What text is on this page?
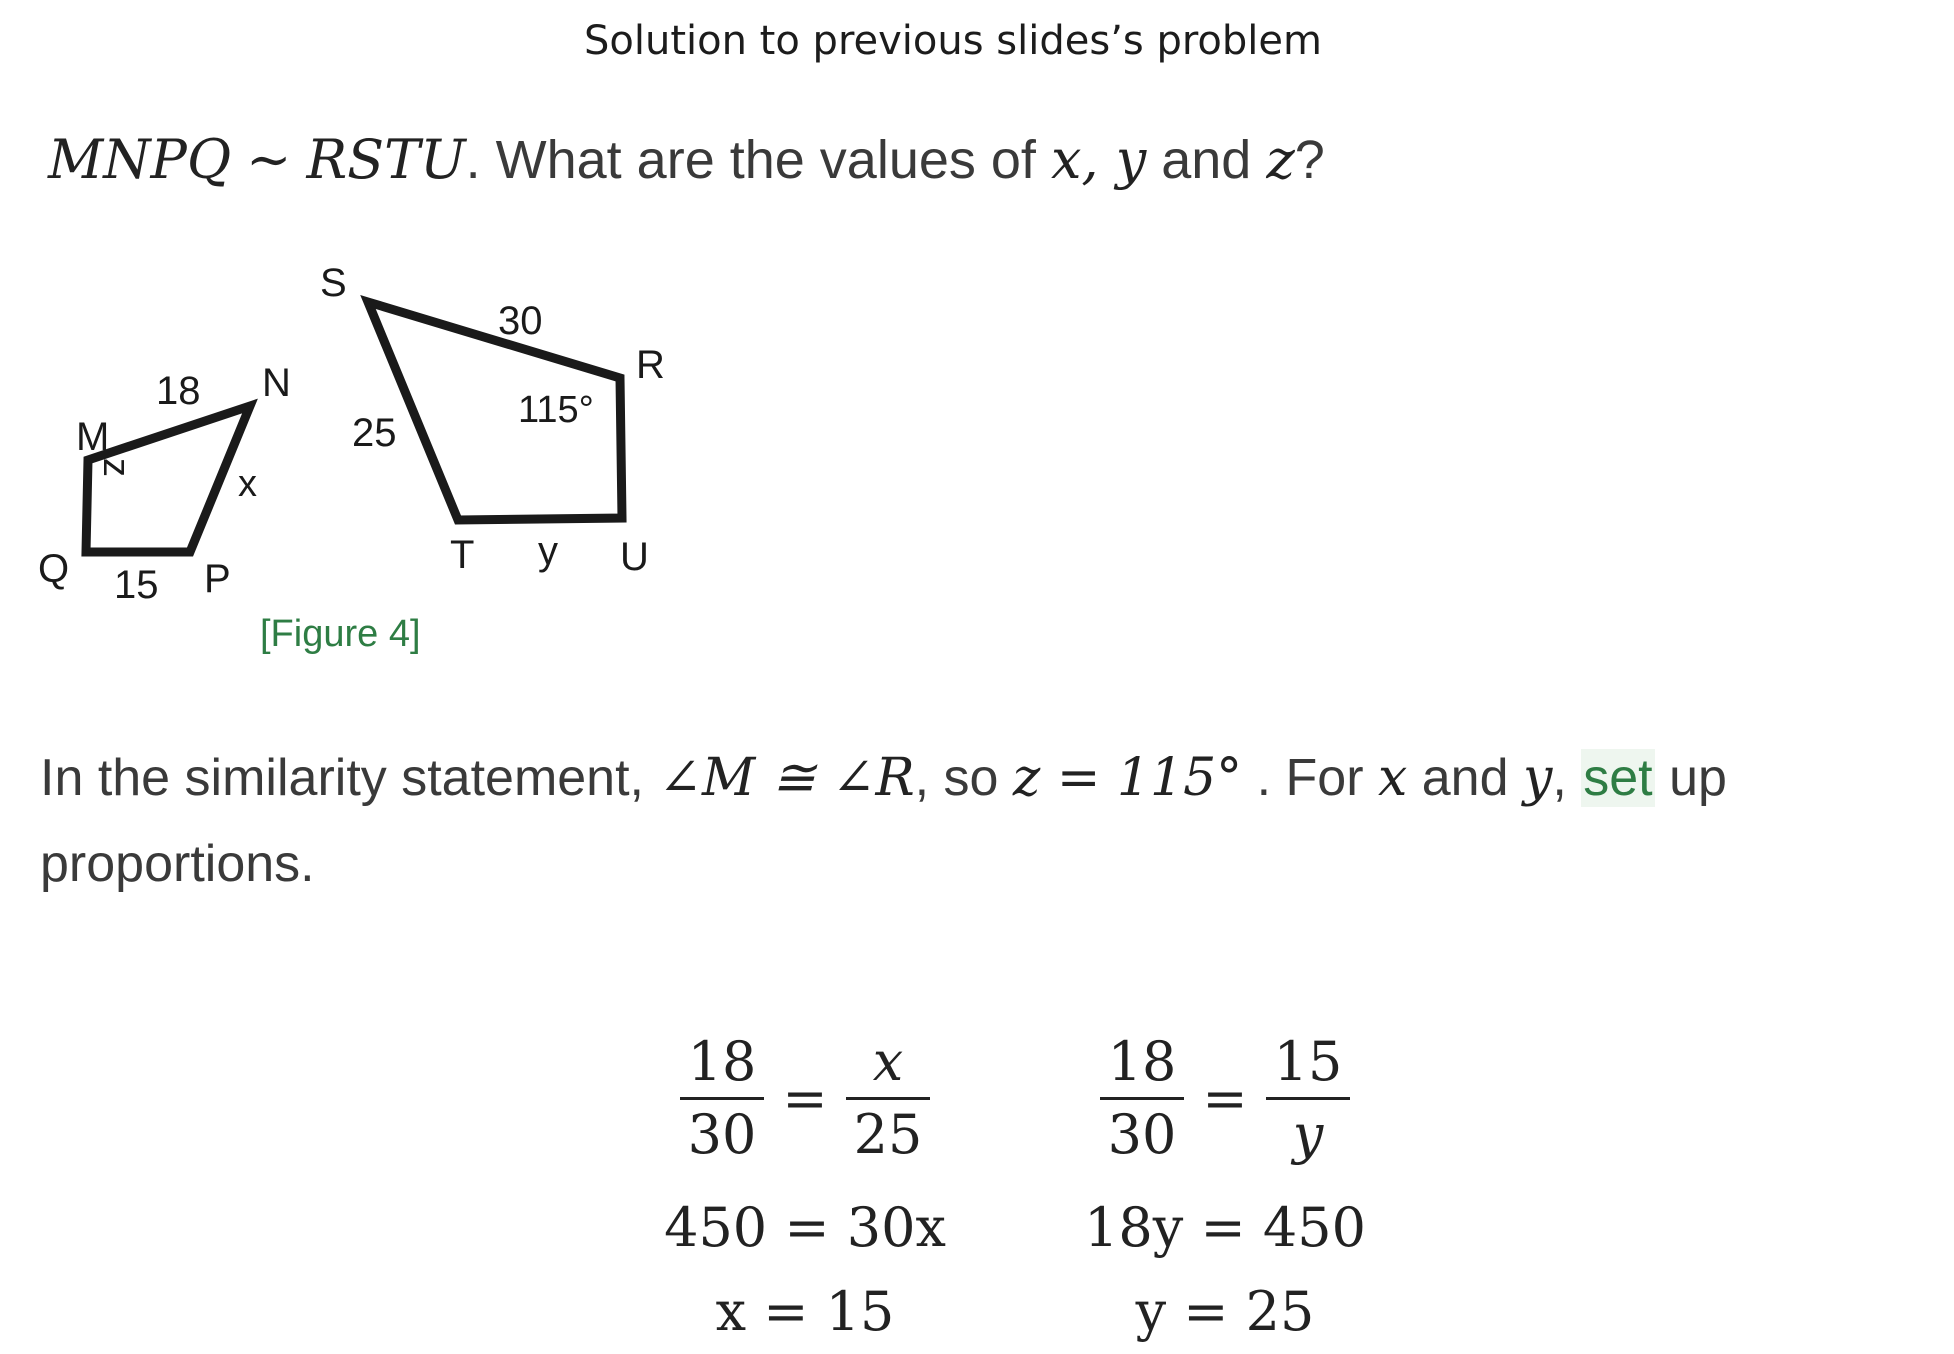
Solution to previous slides’s problem
MNPQ ∼ RSTU. What are the values of x, y and z?
M
N
P
Q
18
x
15
z
S
R
T	U
30
25
y
115°
[Figure 4]
In the similarity statement, ∠M ≅ ∠R, so z = 115° . For x and y, set up proportions.
$\frac{18}{30} = \frac{x}{25}$
450 = 30x
x = 15
$\frac{18}{30} = \frac{15}{y}$
18y = 450
y = 25
